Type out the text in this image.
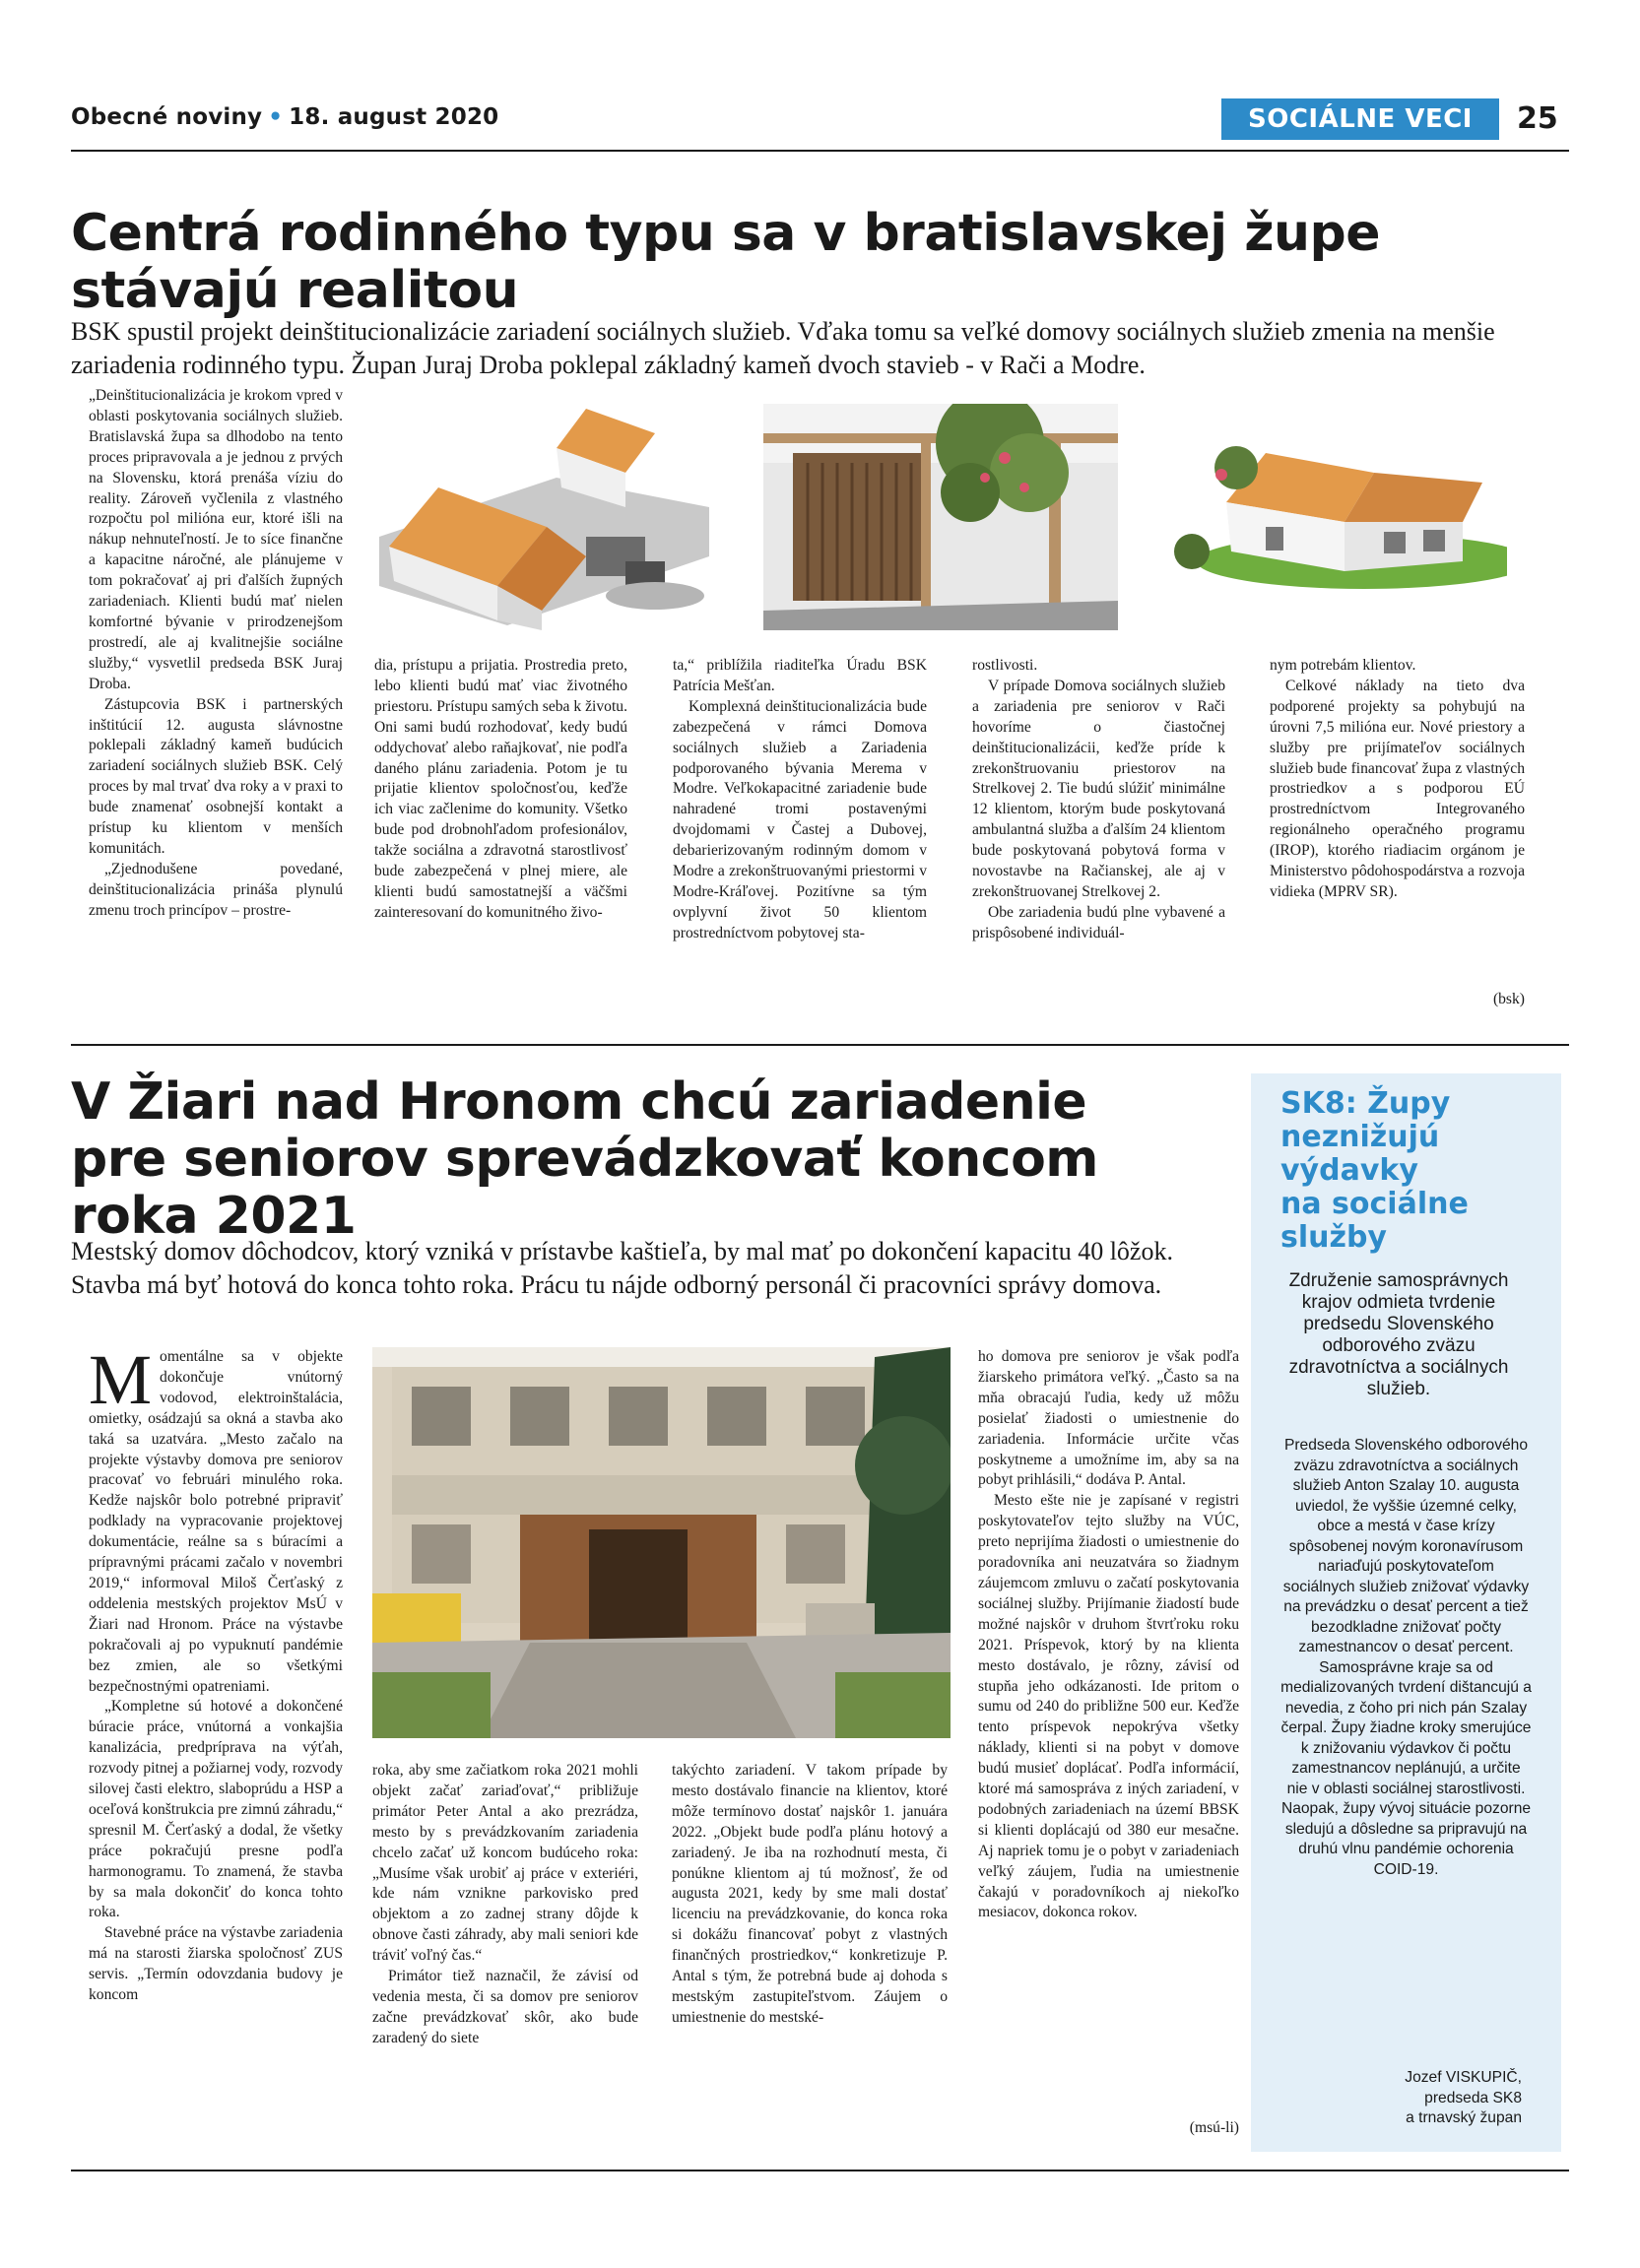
Obecné noviny • 18. august 2020	SOCIÁLNE VECI	25
Centrá rodinného typu sa v bratislavskej župe
stávajú realitou

BSK spustil projekt deinštitucionalizácie zariadení sociálnych služieb. Vďaka tomu sa veľké domovy sociálnych služieb zmenia na menšie zariadenia rodinného typu. Župan Juraj Droba poklepal základný kameň dvoch stavieb - v Rači a Modre.

„Deinštitucionalizácia je krokom vpred v oblasti poskytovania sociálnych služieb. Bratislavská župa sa dlhodobo na tento proces pripravovala a je jednou z prvých na Slovensku, ktorá prenáša víziu do reality. Zároveň vyčlenila z vlastného rozpočtu pol milióna eur, ktoré išli na nákup nehnuteľností. Je to síce finančne a kapacitne náročné, ale plánujeme v tom pokračovať aj pri ďalších župných zariadeniach. Klienti budú mať nielen komfortné bývanie v prirodzenejšom prostredí, ale aj kvalitnejšie sociálne služby,“ vysvetlil predseda BSK Juraj Droba.

Zástupcovia BSK i partnerských inštitúcií 12. augusta slávnostne poklepali základný kameň budúcich zariadení sociálnych služieb BSK. Celý proces by mal trvať dva roky a v praxi to bude znamenať osobnejší kontakt a prístup ku klientom v menších komunitách.

„Zjednodušene povedané, deinštitucionalizácia prináša plynulú zmenu troch princípov – prostre-

dia, prístupu a prijatia. Prostredia preto, lebo klienti budú mať viac životného priestoru. Prístupu samých seba k životu. Oni sami budú rozhodovať, kedy budú oddychovať alebo raňajkovať, nie podľa daného plánu zariadenia. Potom je tu prijatie klientov spoločnosťou, keďže ich viac začlenime do komunity. Všetko bude pod drobnohľadom profesionálov, takže sociálna a zdravotná starostlivosť bude zabezpečená v plnej miere, ale klienti budú samostatnejší a väčšmi zainteresovaní do komunitného živo-

ta,“ priblížila riaditeľka Úradu BSK Patrícia Mešťan.

Komplexná deinštitucionalizácia bude zabezpečená v rámci Domova sociálnych služieb a Zariadenia podporovaného bývania Merema v Modre. Veľkokapacitné zariadenie bude nahradené tromi postavenými dvojdomami v Častej a Dubovej, debarierizovaným rodinným domom v Modre a zrekonštruovanými priestormi v Modre-Kráľovej. Pozitívne sa tým ovplyvní život 50 klientom prostredníctvom pobytovej sta-

rostlivosti.

V prípade Domova sociálnych služieb a zariadenia pre seniorov v Rači hovoríme o čiastočnej deinštitucionalizácii, keďže príde k zrekonštruovaniu priestorov na Strelkovej 2. Tie budú slúžiť minimálne 12 klientom, ktorým bude poskytovaná ambulantná služba a ďalším 24 klientom bude poskytovaná pobytová forma v novostavbe na Račianskej, ale aj v zrekonštruovanej Strelkovej 2.

Obe zariadenia budú plne vybavené a prispôsobené individuál-

nym potrebám klientov.

Celkové náklady na tieto dva podporené projekty sa pohybujú na úrovni 7,5 milióna eur. Nové priestory a služby pre prijímateľov sociálnych služieb bude financovať župa z vlastných prostriedkov a s podporou EÚ prostredníctvom Integrovaného regionálneho operačného programu (IROP), ktorého riadiacim orgánom je Ministerstvo pôdohospodárstva a rozvoja vidieka (MPRV SR).

(bsk)
V Žiari nad Hronom chcú zariadenie
pre seniorov sprevádzkovať koncom
roka 2021

Mestský domov dôchodcov, ktorý vzniká v prístavbe kaštieľa, by mal mať po dokončení kapacitu 40 lôžok. Stavba má byť hotová do konca tohto roka. Prácu tu nájde odborný personál či pracovníci správy domova.

M omentálne sa v objekte dokončuje vnútorný vodovod, elektroinštalácia, omietky, osádzajú sa okná a stavba ako taká sa uzatvára. „Mesto začalo na projekte výstavby domova pre seniorov pracovať vo februári minulého roka. Kedže najskôr bolo potrebné pripraviť podklady na vypracovanie projektovej dokumentácie, reálne sa s búracími a prípravnými prácami začalo v novembri 2019,“ informoval Miloš Čerťaský z oddelenia mestských projektov MsÚ v Žiari nad Hronom. Práce na výstavbe pokračovali aj po vypuknutí pandémie bez zmien, ale so všetkými bezpečnostnými opatreniami.

„Kompletne sú hotové a dokončené búracie práce, vnútorná a vonkajšia kanalizácia, predpríprava na výťah, rozvody pitnej a požiarnej vody, rozvody silovej časti elektro, slaboprúdu a HSP a oceľová konštrukcia pre zimnú záhradu,“ spresnil M. Čerťaský a dodal, že všetky práce pokračujú presne podľa harmonogramu. To znamená, že stavba by sa mala dokončiť do konca tohto roka.

Stavebné práce na výstavbe zariadenia má na starosti žiarska spoločnosť ZUS servis. „Termín odovzdania budovy je koncom

roka, aby sme začiatkom roka 2021 mohli objekt začať zariaďovať,“ približuje primátor Peter Antal a ako prezrádza, mesto by s prevádzkovaním zariadenia chcelo začať už koncom budúceho roka: „Musíme však urobiť aj práce v exteriéri, kde nám vznikne parkovisko pred objektom a zo zadnej strany dôjde k obnove časti záhrady, aby mali seniori kde tráviť voľný čas.“

Primátor tiež naznačil, že závisí od vedenia mesta, či sa domov pre seniorov začne prevádzkovať skôr, ako bude zaradený do siete

takýchto zariadení. V takom prípade by mesto dostávalo financie na klientov, ktoré môže termínovo dostať najskôr 1. januára 2022. „Objekt bude podľa plánu hotový a zariadený. Je iba na rozhodnutí mesta, či ponúkne klientom aj tú možnosť, že od augusta 2021, kedy by sme mali dostať licenciu na prevádzkovanie, do konca roka si dokážu financovať pobyt z vlastných finančných prostriedkov,“ konkretizuje P. Antal s tým, že potrebná bude aj dohoda s mestským zastupiteľstvom. Záujem o umiestnenie do mestské-

ho domova pre seniorov je však podľa žiarskeho primátora veľký. „Často sa na mňa obracajú ľudia, kedy už môžu posielať žiadosti o umiestnenie do zariadenia. Informácie určite včas poskytneme a umožníme im, aby sa na pobyt prihlásili,“ dodáva P. Antal.

Mesto ešte nie je zapísané v registri poskytovateľov tejto služby na VÚC, preto neprijíma žiadosti o umiestnenie do poradovníka ani neuzatvára so žiadnym záujemcom zmluvu o začatí poskytovania sociálnej služby. Prijímanie žiadostí bude možné najskôr v druhom štvrťroku roku 2021. Príspevok, ktorý by na klienta mesto dostávalo, je rôzny, závisí od stupňa jeho odkázanosti. Ide pritom o sumu od 240 do približne 500 eur. Keďže tento príspevok nepokrýva všetky náklady, klienti si na pobyt v domove budú musieť doplácať. Podľa informácií, ktoré má samospráva z iných zariadení, v podobných zariadeniach na území BBSK si klienti doplácajú od 380 eur mesačne. Aj napriek tomu je o pobyt v zariadeniach veľký záujem, ľudia na umiestnenie čakajú v poradovníkoch aj niekoľko mesiacov, dokonca rokov.

(msú-li)

SK8: Župy

neznižujú

výdavky

na sociálne

služby

Združenie samosprávnych krajov odmieta tvrdenie predsedu Slovenského odborového zväzu zdravotníctva a sociálnych služieb.

Predseda Slovenského odborového zväzu zdravotníctva a sociálnych služieb Anton Szalay 10. augusta uviedol, že vyššie územné celky, obce a mestá v čase krízy spôsobenej novým koronavírusom nariaďujú poskytovateľom sociálnych služieb znižovať výdavky na prevádzku o desať percent a tiež bezodkladne znižovať počty zamestnancov o desať percent.

Samosprávne kraje sa od medializovaných tvrdení dištancujú a nevedia, z čoho pri nich pán Szalay čerpal. Župy žiadne kroky smerujúce k znižovaniu výdavkov či počtu zamestnancov neplánujú, a určite nie v oblasti sociálnej starostlivosti. Naopak, župy vývoj situácie pozorne sledujú a dôsledne sa pripravujú na druhú vlnu pandémie ochorenia COID-19.

Jozef VISKUPIČ,
predseda SK8
a trnavský župan
